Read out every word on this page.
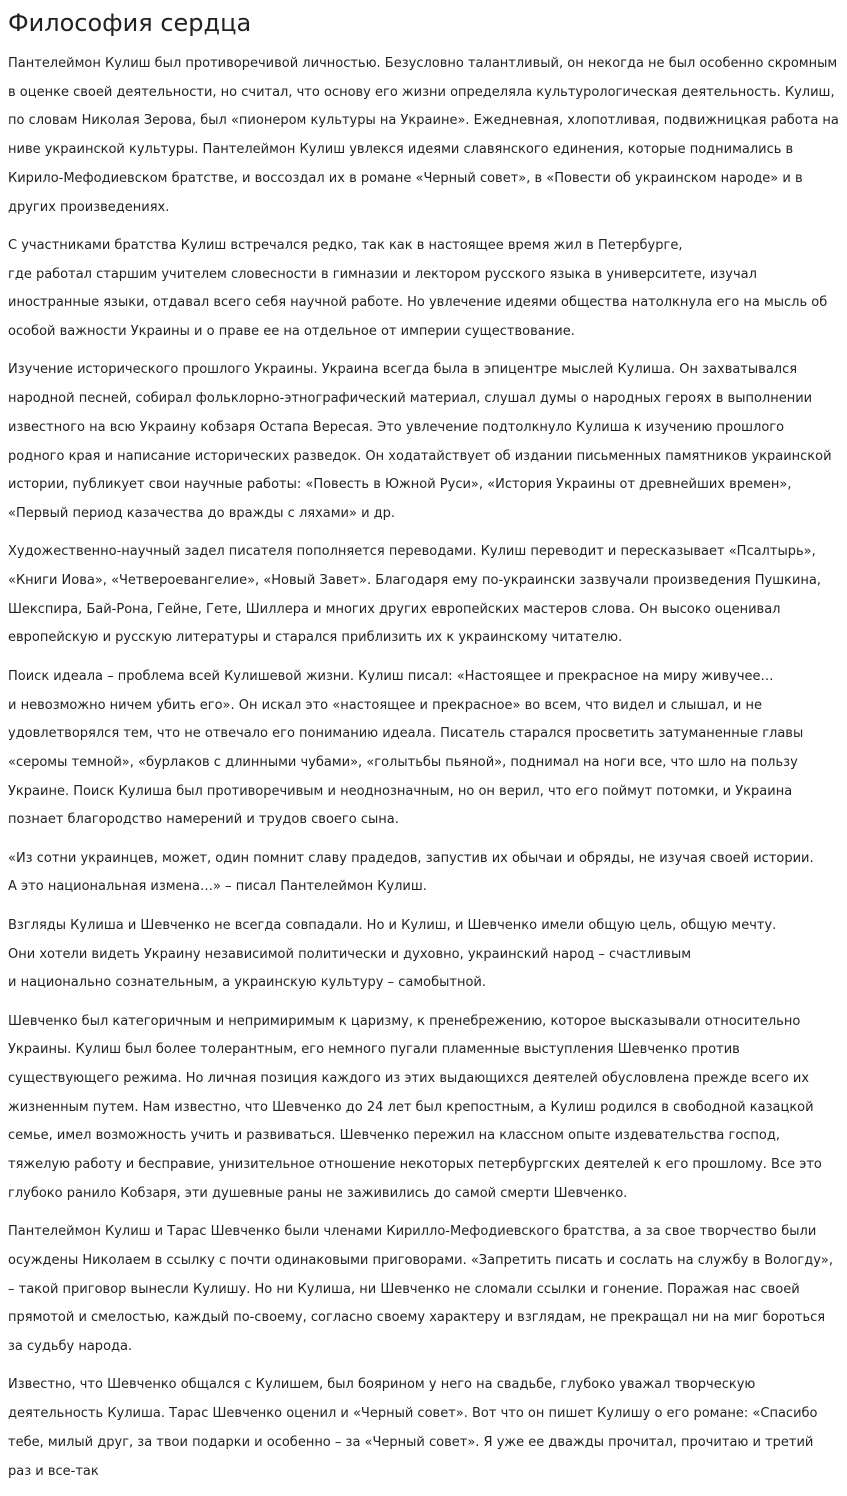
Философия сердца

Пантелеймон Кулиш был противоречивой личностью. Безусловно талантливый, он некогда не был особенно скромным в оценке своей деятельности, но считал, что основу его жизни определяла культурологическая деятельность. Кулиш, по словам Николая Зерова, был «пионером культуры на Украине». Ежедневная, хлопотливая, подвижницкая работа на ниве украинской культуры. Пантелеймон Кулиш увлекся идеями славянского единения, которые поднимались в Кирило-Мефодиевском братстве, и воссоздал их в романе «Черный совет», в «Повести об украинском народе» и в других произведениях.

С участниками братства Кулиш встречался редко, так как в настоящее время жил в Петербурге,
где работал старшим учителем словесности в гимназии и лектором русского языка в университете, изучал иностранные языки, отдавал всего себя научной работе. Но увлечение идеями общества натолкнула его на мысль об особой важности Украины и о праве ее на отдельное от империи существование.

Изучение исторического прошлого Украины. Украина всегда была в эпицентре мыслей Кулиша. Он захватывался народной песней, собирал фольклорно-этнографический материал, слушал думы о народных героях в выполнении известного на всю Украину кобзаря Остапа Вересая. Это увлечение подтолкнуло Кулиша к изучению прошлого родного края и написание исторических разведок. Он ходатайствует об издании письменных памятников украинской истории, публикует свои научные работы: «Повесть в Южной Руси», «История Украины от древнейших времен», «Первый период казачества до вражды с ляхами» и др.

Художественно-научный задел писателя пополняется переводами. Кулиш переводит и пересказывает «Псалтырь», «Книги Иова», «Четвероевангелие», «Новый Завет». Благодаря ему по-украински зазвучали произведения Пушкина, Шекспира, Бай-Рона, Гейне, Гете, Шиллера и многих других европейских мастеров слова. Он высоко оценивал европейскую и русскую литературы и старался приблизить их к украинскому читателю.

Поиск идеала – проблема всей Кулишевой жизни. Кулиш писал: «Настоящее и прекрасное на миру живучее…
и невозможно ничем убить его». Он искал это «настоящее и прекрасное» во всем, что видел и слышал, и не удовлетворялся тем, что не отвечало его пониманию идеала. Писатель старался просветить затуманенные главы «серомы темной», «бурлаков с длинными чубами», «голытьбы пьяной», поднимал на ноги все, что шло на пользу Украине. Поиск Кулиша был противоречивым и неоднозначным, но он верил, что его поймут потомки, и Украина познает благородство намерений и трудов своего сына.

«Из сотни украинцев, может, один помнит славу прадедов, запустив их обычаи и обряды, не изучая своей истории.
А это национальная измена…» – писал Пантелеймон Кулиш.

Взгляды Кулиша и Шевченко не всегда совпадали. Но и Кулиш, и Шевченко имели общую цель, общую мечту.
Они хотели видеть Украину независимой политически и духовно, украинский народ – счастливым
и национально сознательным, а украинскую культуру – самобытной.

Шевченко был категоричным и непримиримым к царизму, к пренебрежению, которое высказывали относительно Украины. Кулиш был более толерантным, его немного пугали пламенные выступления Шевченко против существующего режима. Но личная позиция каждого из этих выдающихся деятелей обусловлена прежде всего их жизненным путем. Нам известно, что Шевченко до 24 лет был крепостным, а Кулиш родился в свободной казацкой семье, имел возможность учить и развиваться. Шевченко пережил на классном опыте издевательства господ, тяжелую работу и бесправие, унизительное отношение некоторых петербургских деятелей к его прошлому. Все это глубоко ранило Кобзаря, эти душевные раны не заживились до самой смерти Шевченко.

Пантелеймон Кулиш и Тарас Шевченко были членами Кирилло-Мефодиевского братства, а за свое творчество были осуждены Николаем в ссылку с почти одинаковыми приговорами. «Запретить писать и сослать на службу в Вологду», – такой приговор вынесли Кулишу. Но ни Кулиша, ни Шевченко не сломали ссылки и гонение. Поражая нас своей прямотой и смелостью, каждый по-своему, согласно своему характеру и взглядам, не прекращал ни на миг бороться за судьбу народа.

Известно, что Шевченко общался с Кулишем, был боярином у него на свадьбе, глубоко уважал творческую деятельность Кулиша. Тарас Шевченко оценил и «Черный совет». Вот что он пишет Кулишу о его романе: «Спасибо тебе, милый друг, за твои подарки и особенно – за «Черный совет». Я уже ее дважды прочитал, прочитаю и третий раз и все-так
